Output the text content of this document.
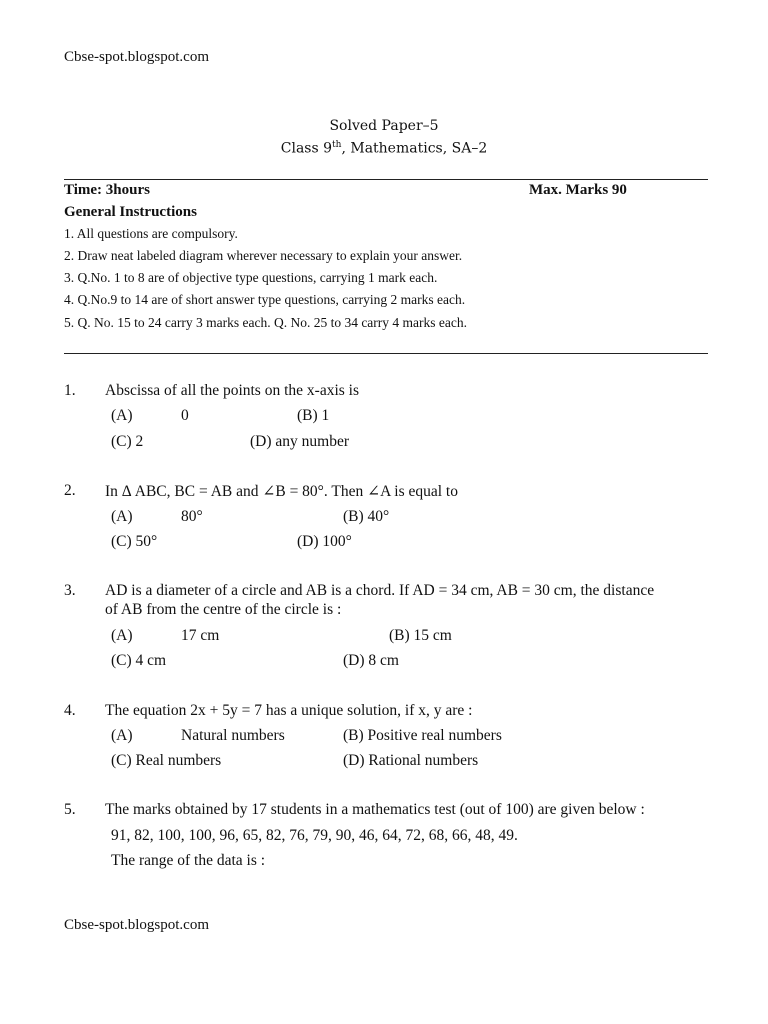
Cbse-spot.blogspot.com
Solved Paper–5
Class 9th, Mathematics, SA–2
Time: 3hours	Max. Marks 90
General Instructions
1. All questions are compulsory.
2. Draw neat labeled diagram wherever necessary to explain your answer.
3. Q.No. 1 to 8 are of objective type questions, carrying 1 mark each.
4. Q.No.9 to 14 are of short answer type questions, carrying 2 marks each.
5. Q. No. 15 to 24 carry 3 marks each. Q. No. 25 to 34 carry 4 marks each.
1. Abscissa of all the points on the x-axis is
(A)	0	(B) 1
(C) 2	(D) any number
2. In Δ ABC, BC = AB and ∠B = 80°. Then ∠A is equal to
(A)	80°	(B) 40°
(C) 50°	(D) 100°
3. AD is a diameter of a circle and AB is a chord. If AD = 34 cm, AB = 30 cm, the distance
of AB from the centre of the circle is :
(A)	17 cm	(B) 15 cm
(C) 4 cm	(D) 8 cm
4. The equation 2x + 5y = 7 has a unique solution, if x, y are :
(A)	Natural numbers	(B) Positive real numbers
(C) Real numbers	(D) Rational numbers
5. The marks obtained by 17 students in a mathematics test (out of 100) are given below :
91, 82, 100, 100, 96, 65, 82, 76, 79, 90, 46, 64, 72, 68, 66, 48, 49.
The range of the data is :
Cbse-spot.blogspot.com
